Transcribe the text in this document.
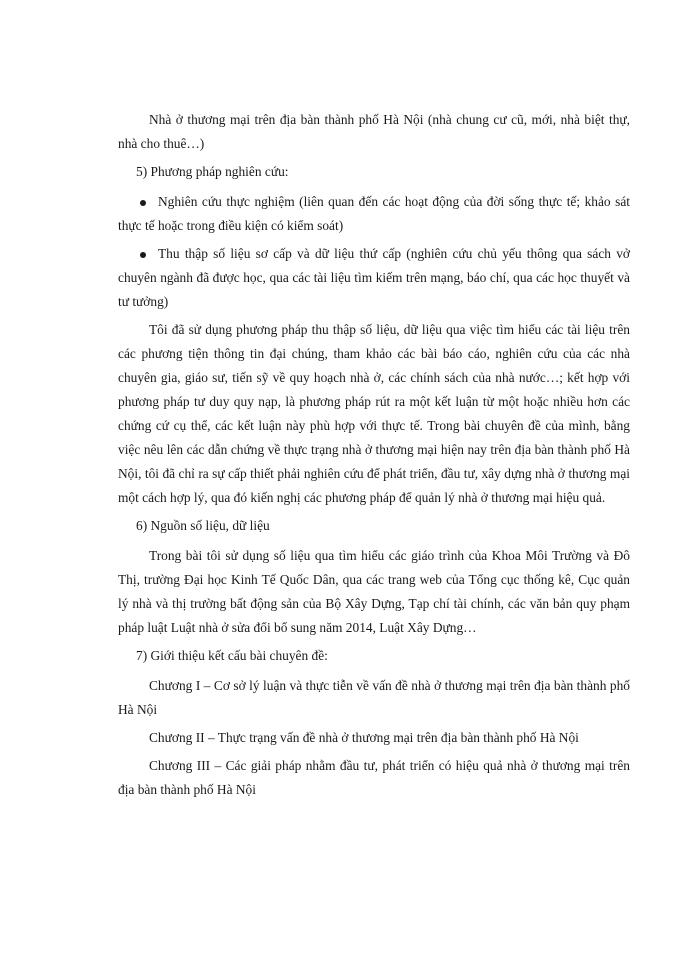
Nhà ở thương mại trên địa bàn thành phố Hà Nội (nhà chung cư cũ, mới, nhà biệt thự, nhà cho thuê…)

5) Phương pháp nghiên cứu:

Nghiên cứu thực nghiệm (liên quan đến các hoạt động của đời sống thực tế; khảo sát thực tế hoặc trong điều kiện có kiểm soát)
Thu thập số liệu sơ cấp và dữ liệu thứ cấp (nghiên cứu chủ yếu thông qua sách vở chuyên ngành đã được học, qua các tài liệu tìm kiếm trên mạng, báo chí, qua các học thuyết và tư tưởng)

Tôi đã sử dụng phương pháp thu thập số liệu, dữ liệu qua việc tìm hiểu các tài liệu trên các phương tiện thông tin đại chúng, tham khảo các bài báo cáo, nghiên cứu của các nhà chuyên gia, giáo sư, tiến sỹ về quy hoạch nhà ở, các chính sách của nhà nước…; kết hợp với phương pháp tư duy quy nạp, là phương pháp rút ra một kết luận từ một hoặc nhiều hơn các chứng cứ cụ thể, các kết luận này phù hợp với thực tế. Trong bài chuyên đề của mình, bằng việc nêu lên các dẫn chứng về thực trạng nhà ở thương mại hiện nay trên địa bàn thành phố Hà Nội, tôi đã chỉ ra sự cấp thiết phải nghiên cứu để phát triển, đầu tư, xây dựng nhà ở thương mại một cách hợp lý, qua đó kiến nghị các phương pháp để quản lý nhà ở thương mại hiệu quả.

6) Nguồn số liệu, dữ liệu

Trong bài tôi sử dụng số liệu qua tìm hiểu các giáo trình của Khoa Môi Trường và Đô Thị, trường Đại học Kinh Tế Quốc Dân, qua các trang web của Tổng cục thống kê, Cục quản lý nhà và thị trường bất động sản của Bộ Xây Dựng, Tạp chí tài chính, các văn bản quy phạm pháp luật Luật nhà ở sửa đổi bổ sung năm 2014, Luật Xây Dựng…

7) Giới thiệu kết cấu bài chuyên đề:

Chương I – Cơ sở lý luận và thực tiễn về vấn đề nhà ở thương mại trên địa bàn thành phố Hà Nội

Chương II – Thực trạng vấn đề nhà ở thương mại trên địa bàn thành phố Hà Nội

Chương III – Các giải pháp nhằm đầu tư, phát triển có hiệu quả nhà ở thương mại trên địa bàn thành phố Hà Nội
